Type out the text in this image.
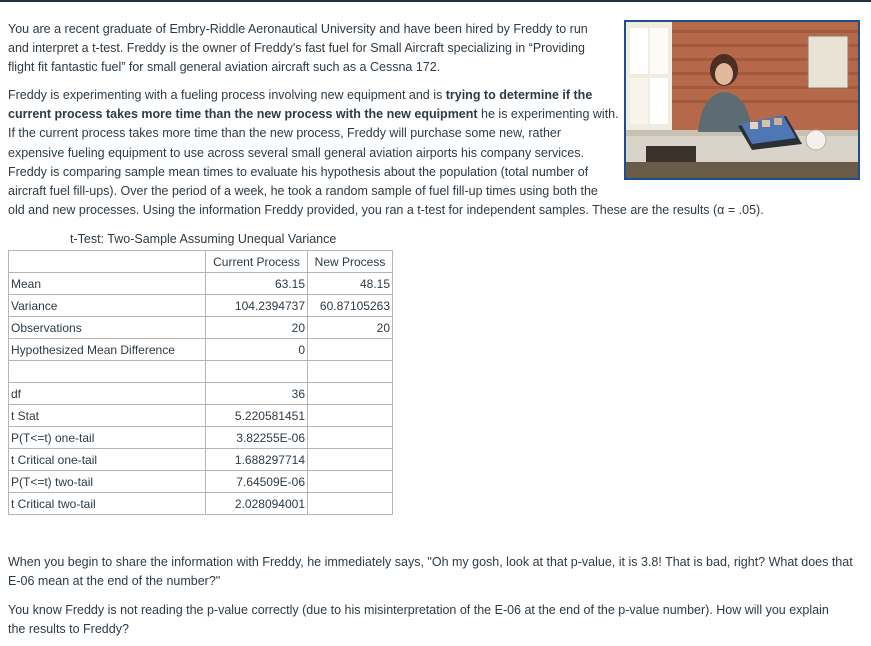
You are a recent graduate of Embry-Riddle Aeronautical University and have been hired by Freddy to run
and interpret a t-test. Freddy is the owner of Freddy's fast fuel for Small Aircraft specializing in “Providing
flight fit fantastic fuel” for small general aviation aircraft such as a Cessna 172.
Freddy is experimenting with a fueling process involving new equipment and is trying to determine if the
current process takes more time than the new process with the new equipment he is experimenting with.
If the current process takes more time than the new process, Freddy will purchase some new, rather
expensive fueling equipment to use across several small general aviation airports his company services.
Freddy is comparing sample mean times to evaluate his hypothesis about the population (total number of
aircraft fuel fill-ups). Over the period of a week, he took a random sample of fuel fill-up times using both the
old and new processes. Using the information Freddy provided, you ran a t-test for independent samples. These are the results (α = .05).
t-Test: Two-Sample Assuming Unequal Variance
	Current Process	New Process
Mean	63.15	48.15
Variance	104.2394737	60.87105263
Observations	20	20
Hypothesized Mean Difference	0	

df	36	
t Stat	5.220581451	
P(T<=t) one-tail	3.82255E-06	
t Critical one-tail	1.688297714	
P(T<=t) two-tail	7.64509E-06	
t Critical two-tail	2.028094001	
When you begin to share the information with Freddy, he immediately says, "Oh my gosh, look at that p-value, it is 3.8! That is bad, right? What does that
E-06 mean at the end of the number?"
You know Freddy is not reading the p-value correctly (due to his misinterpretation of the E-06 at the end of the p-value number). How will you explain
the results to Freddy?
